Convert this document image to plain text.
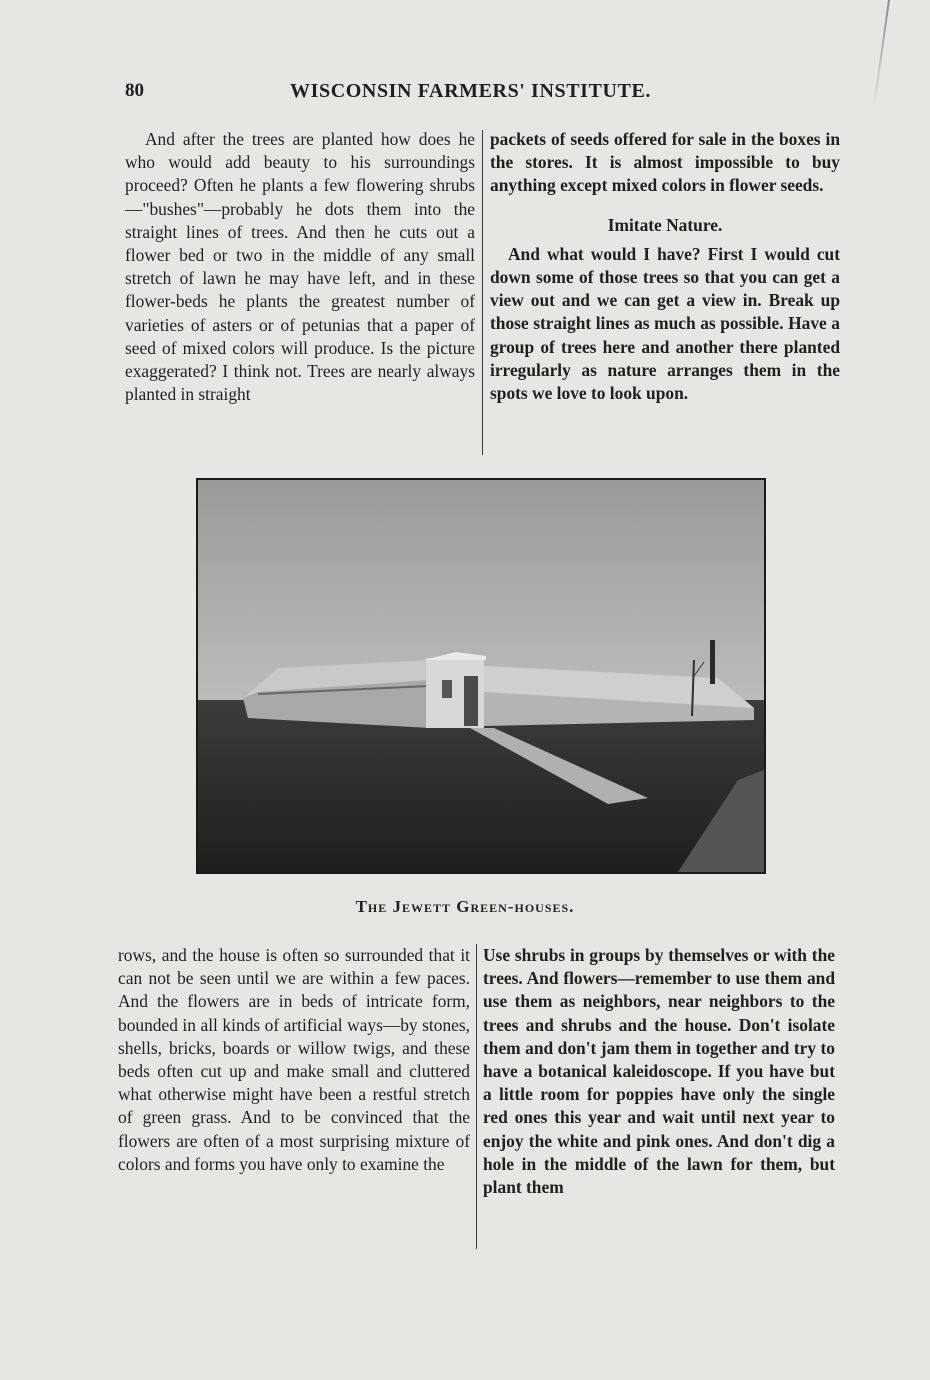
80	WISCONSIN FARMERS' INSTITUTE.

And after the trees are planted how does he who would add beauty to his surroundings proceed? Often he plants a few flowering shrubs—"bushes"—probably he dots them into the straight lines of trees. And then he cuts out a flower bed or two in the middle of any small stretch of lawn he may have left, and in these flower-beds he plants the greatest number of varieties of asters or of petunias that a paper of seed of mixed colors will produce. Is the picture exaggerated? I think not. Trees are nearly always planted in straight

packets of seeds offered for sale in the boxes in the stores. It is almost impossible to buy anything except mixed colors in flower seeds.

Imitate Nature.

And what would I have? First I would cut down some of those trees so that you can get a view out and we can get a view in. Break up those straight lines as much as possible. Have a group of trees here and another there planted irregularly as nature arranges them in the spots we love to look upon.

The Jewett Green-houses.

rows, and the house is often so surrounded that it can not be seen until we are within a few paces. And the flowers are in beds of intricate form, bounded in all kinds of artificial ways—by stones, shells, bricks, boards or willow twigs, and these beds often cut up and make small and cluttered what otherwise might have been a restful stretch of green grass. And to be convinced that the flowers are often of a most surprising mixture of colors and forms you have only to examine the

Use shrubs in groups by themselves or with the trees. And flowers—remember to use them and use them as neighbors, near neighbors to the trees and shrubs and the house. Don't isolate them and don't jam them in together and try to have a botanical kaleidoscope. If you have but a little room for poppies have only the single red ones this year and wait until next year to enjoy the white and pink ones. And don't dig a hole in the middle of the lawn for them, but plant them
